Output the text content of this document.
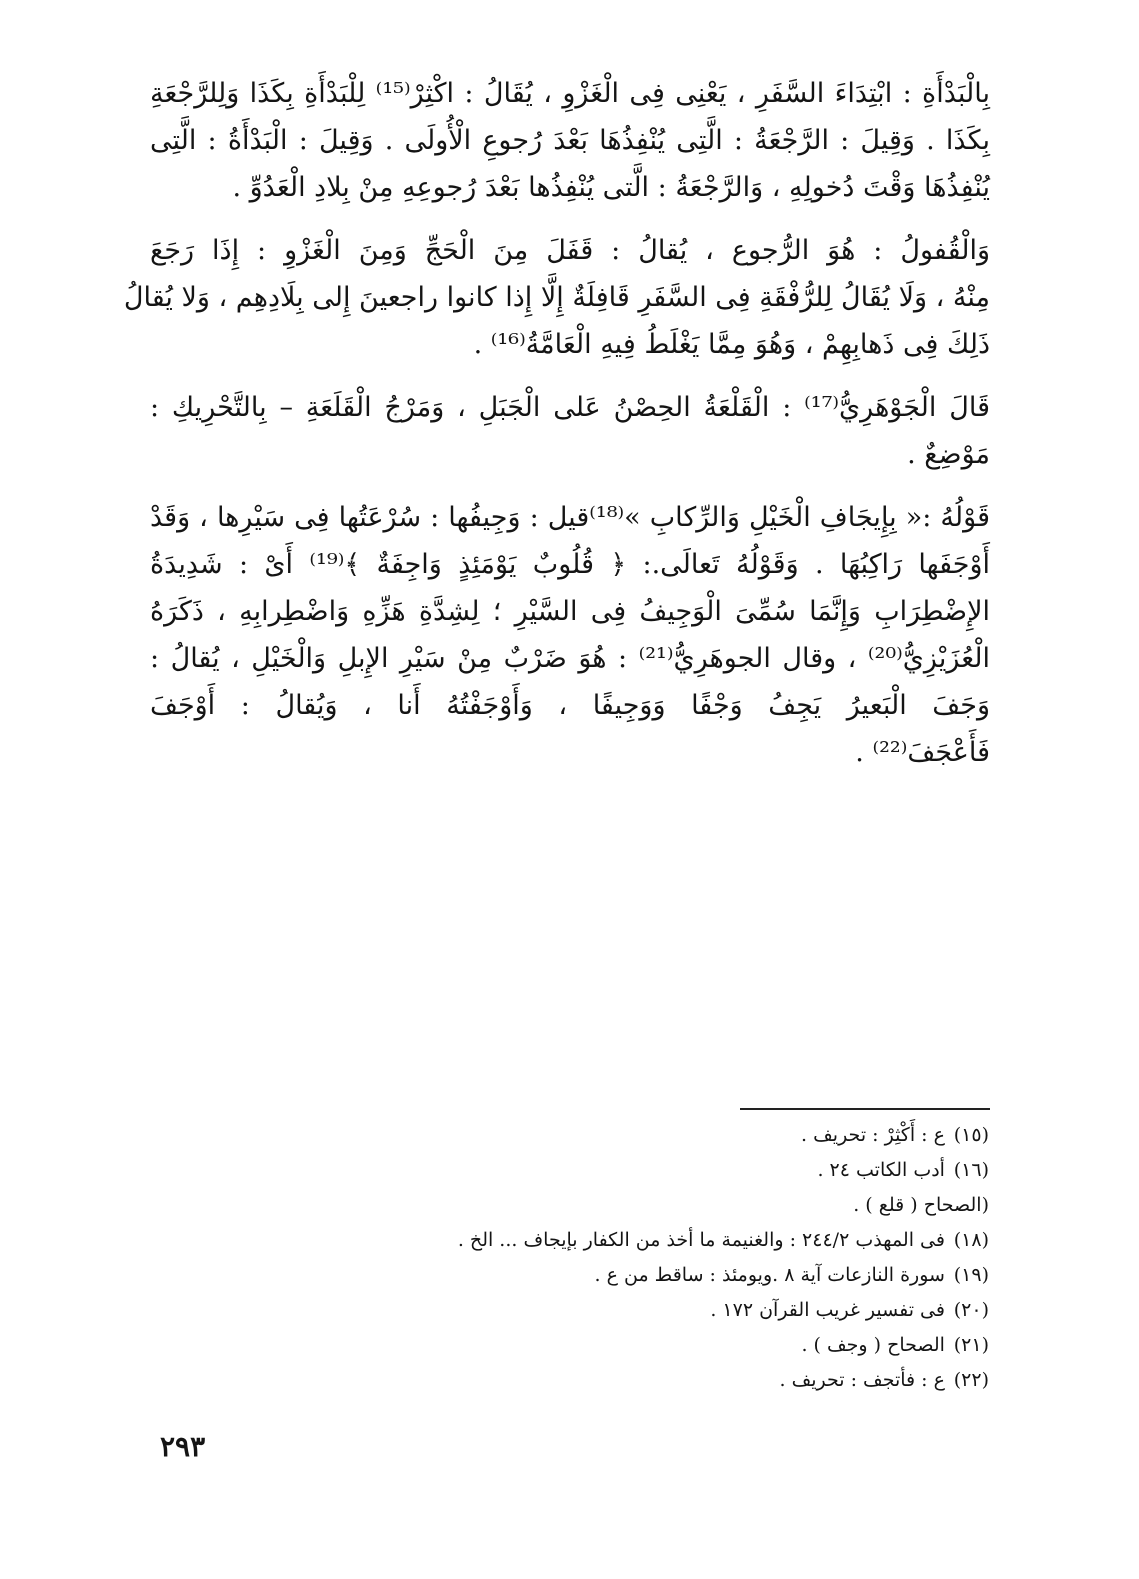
بِالْبَدْأَةِ : ابْتِدَاءَ السَّفَرِ ، يَعْنِى فِى الْغَزْوِ ، يُقَالُ : اكْثِرْ⁽¹⁵⁾ لِلْبَدْأَةِ بِكَذَا وَلِلرَّجْعَةِ
بِكَذَا . وَقِيلَ : الرَّجْعَةُ : الَّتِى يُنْفِذُهَا بَعْدَ رُجوعِ الْأُولَى . وَقِيلَ : الْبَدْأَةُ : الَّتِى
يُنْفِذُهَا وَقْتَ دُخولِهِ ، وَالرَّجْعَةُ : الَّتى يُنْفِذُها بَعْدَ رُجوعِهِ مِنْ بِلادِ الْعَدُوِّ .

وَالْقُفولُ : هُوَ الرُّجوع ، يُقالُ : قَفَلَ مِنَ الْحَجِّ وَمِنَ الْغَزْوِ : إِذَا رَجَعَ
مِنْهُ ، وَلَا يُقَالُ لِلرُّفْقَةِ فِى السَّفَرِ قَافِلَةٌ إِلَّا إِذا كانوا راجعينَ إِلى بِلَادِهِم ، وَلا يُقالُ
ذَلِكَ فِى ذَهابِهِمْ ، وَهُوَ مِمَّا يَغْلَطُ فِيهِ الْعَامَّةُ⁽¹⁶⁾ .

قَالَ الْجَوْهَرِيُّ⁽¹⁷⁾ : الْقَلْعَةُ الحِصْنُ عَلى الْجَبَلِ ، وَمَرْجُ الْقَلَعَةِ – بِالتَّحْرِيكِ :
مَوْضِعٌ .

قَوْلُهُ :« بِإِيجَافِ الْخَيْلِ وَالرِّكابِ »⁽¹⁸⁾قيل : وَجِيفُها : سُرْعَتُها فِى سَيْرِها ، وَقَدْ
أَوْجَفَها رَاكِبُهَا . وَقَوْلُهُ تَعالَى.: ﴿ قُلُوبٌ يَوْمَئِذٍ وَاجِفَةٌ ﴾⁽¹⁹⁾ أَىْ : شَدِيدَةُ
الإِضْطِرَابِ وَإِنَّمَا سُمِّىَ الْوَجِيفُ فِى السَّيْرِ ؛ لِشِدَّةِ هَزِّهِ وَاضْطِرابِهِ ، ذَكَرَهُ
الْعُزَيْزِيُّ⁽²⁰⁾ ، وقال الجوهَرِيُّ⁽²¹⁾ : هُوَ ضَرْبٌ مِنْ سَيْرِ الإِبلِ وَالْخَيْلِ ، يُقالُ :
وَجَفَ الْبَعيرُ يَجِفُ وَجْفًا وَوَجِيفًا ، وَأَوْجَفْتُهُ أَنا ، وَيُقالُ : أَوْجَفَ
فَأَعْجَفَ⁽²²⁾ .

(١٥) ع : أَكْثِرْ : تحريف .
(١٦) أدب الكاتب ٢٤ .
(الصحاح ( قلع ) .
(١٨) فى المهذب ٢٤٤/٢ : والغنيمة ما أخذ من الكفار بإيجاف ... الخ .
(١٩) سورة النازعات آية ٨ .ويومئذ : ساقط من ع .
(٢٠) فى تفسير غريب القرآن ١٧٢ .
(٢١) الصحاح ( وجف ) .
(٢٢) ع : فأتجف : تحريف .
٢٩٣
